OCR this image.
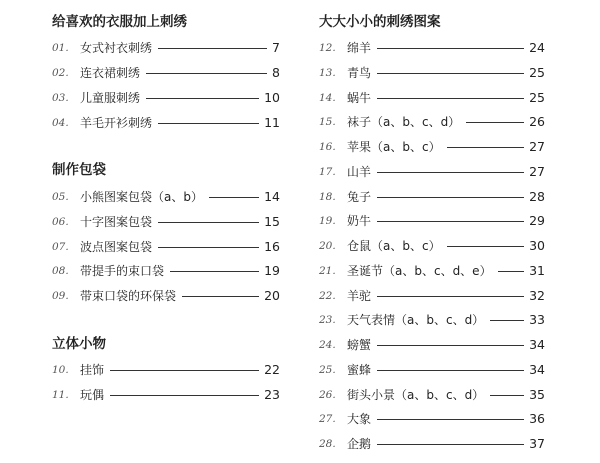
给喜欢的衣服加上刺绣
01. 女式衬衣刺绣	7
02. 连衣裙刺绣	8
03. 儿童服刺绣	10
04. 羊毛开衫刺绣	11
制作包袋
05. 小熊图案包袋（a、b）	14
06. 十字图案包袋	15
07. 波点图案包袋	16
08. 带提手的束口袋	19
09. 带束口袋的环保袋	20
立体小物
10. 挂饰	22
11. 玩偶	23
大大小小的刺绣图案
12. 绵羊	24
13. 青鸟	25
14. 蜗牛	25
15. 袜子（a、b、c、d）	26
16. 苹果（a、b、c）	27
17. 山羊	27
18. 兔子	28
19. 奶牛	29
20. 仓鼠（a、b、c）	30
21. 圣诞节（a、b、c、d、e）	31
22. 羊驼	32
23. 天气表情（a、b、c、d）	33
24. 螃蟹	34
25. 蜜蜂	34
26. 街头小景（a、b、c、d）	35
27. 大象	36
28. 企鹅	37
